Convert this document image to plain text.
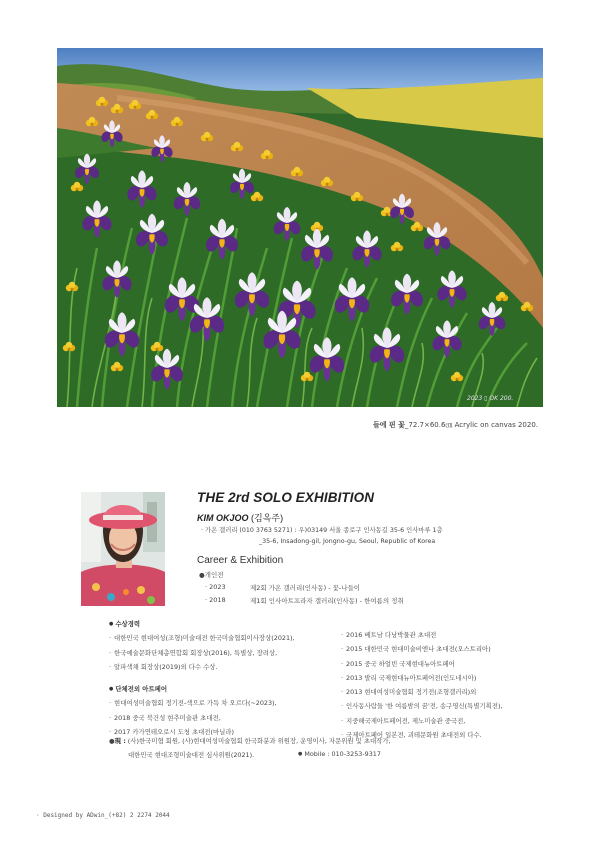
2023 ▯ OK 200.
들에 핀 꽃_72.7×60.6㎝ Acrylic on canvas 2020.
THE 2rd SOLO EXHIBITION
KIM OKJOO (김옥주)
· 가온 갤러리 (010 3763 5271) : 우)03149 서울 종로구 인사동길 35-6 인사마루 1층
_35-6, Insadong-gil, Jongno-gu, Seoul, Republic of Korea
Career & Exhibition
●개인전
· 2023	제2회 가온 갤러리(인사동) - 꽃-나들이
· 2018	제1회 인사아트프라자 갤러리(인사동) - 한여름의 정취
● 수상경력
· 대한민국 현대여성(조형)미술대전 한국미술협회이사장상(2021),
· 한국예술문화단체총연합회 회장상(2016), 특별상, 장려상,
· 알파색채 회장상(2019)외 다수 수상.
● 단체전외 아트페어
· 현대여성미술협회 정기전-색으로 가득 차 오르다(~2023),
· 2018 중국 북건성 현추미술관 초대전,
· 2017 카가연테오로시 도청 초대전(마닐라)
· 2016 베트남 다낭박물관 초대전
· 2015 대한민국 현대미술비엔나 초대전(오스트리아)
· 2015 중국 하얼빈 국제현대뉴아트페어
· 2013 발리 국제현대뉴아트페어전(인도네시아)
· 2013 현대여성미술협회 정기전(조형갤러리)외
· 인사동사람들 '한 여름밤의 꿈'전, 송구영신(특별기획전),
· 지중해국제아트페어전, 제노미술관 중국전,
· 국제아트페어 일본전, 괴테문화원 초대전외 다수.
●現 : (사)한국미협 회원, (사)현대여성미술협회 한국화분과 위원장, 운영이사, 자문위원 및 초대작가,
대한민국 현대조형미술대전 심사위원(2021).
●	Mobile : 010-3253-9317
· Designed by ADwin_(+82) 2 2274 2044
